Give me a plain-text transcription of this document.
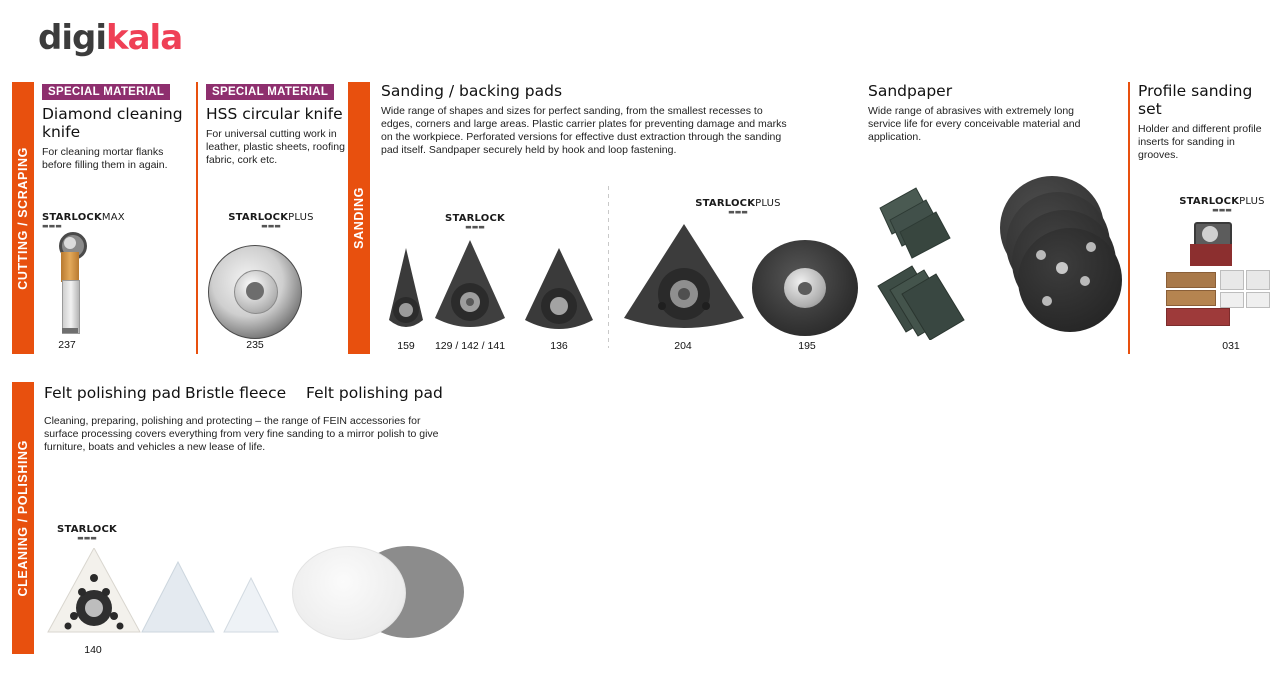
digikala
CUTTING / SCRAPING
SPECIAL MATERIAL
Diamond cleaning knife
For cleaning mortar flanks before filling them in again.
STARLOCKMAX
▬▬▬
237
SPECIAL MATERIAL
HSS circular knife
For universal cutting work in leather, plastic sheets, roofing fabric, cork etc.
STARLOCKPLUS
▬▬▬
235
SANDING
Sanding / backing pads
Wide range of shapes and sizes for perfect sanding, from the smallest recesses to edges, corners and large areas. Plastic carrier plates for preventing damage and marks on the workpiece. Perforated versions for effective dust extraction through the sanding pad itself. Sandpaper securely held by hook and loop fastening.
STARLOCK
▬▬▬
STARLOCKPLUS
▬▬▬
159	129 / 142 / 141	136	204	195
Sandpaper
Wide range of abrasives with extremely long service life for every conceivable material and application.
Profile sanding set
Holder and different profile inserts for sanding in grooves.
STARLOCKPLUS
▬▬▬
031
CLEANING / POLISHING
Felt polishing pad Bristle fleece Felt polishing pad
Cleaning, preparing, polishing and protecting – the range of FEIN accessories for surface processing covers everything from very fine sanding to a mirror polish to give furniture, boats and vehicles a new lease of life.
STARLOCK
▬▬▬
140
